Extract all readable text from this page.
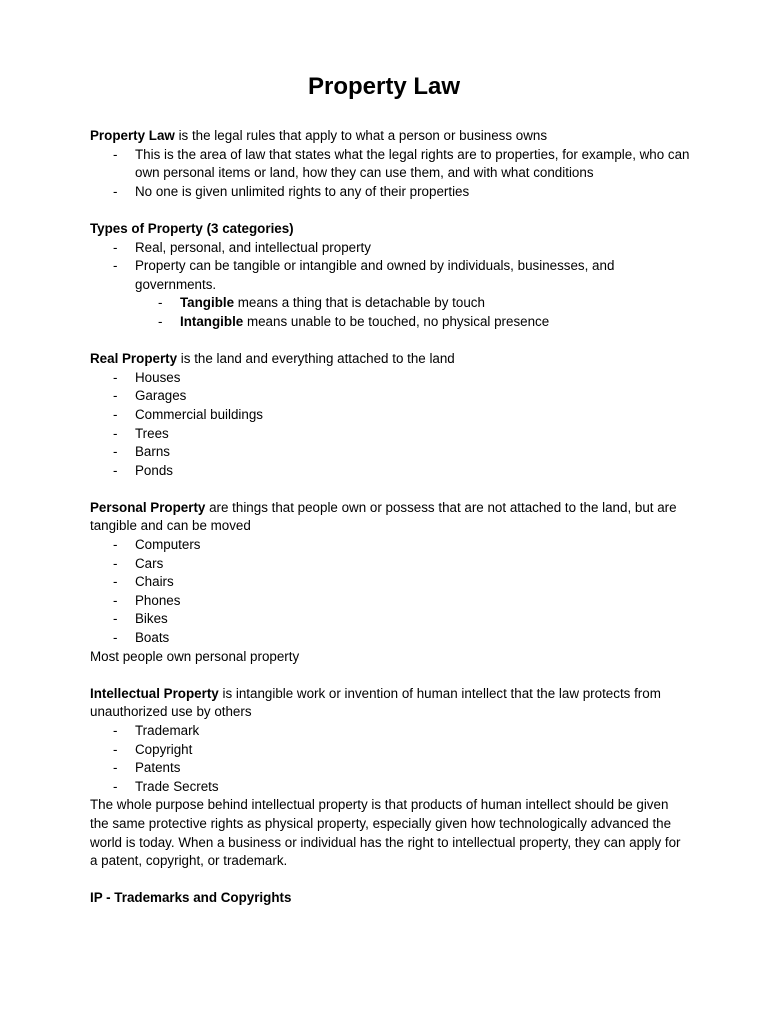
Property Law

Property Law is the legal rules that apply to what a person or business owns

- This is the area of law that states what the legal rights are to properties, for example, who can own personal items or land, how they can use them, and with what conditions
- No one is given unlimited rights to any of their properties

Types of Property (3 categories)

- Real, personal, and intellectual property
- Property can be tangible or intangible and owned by individuals, businesses, and governments.
- Tangible means a thing that is detachable by touch
- Intangible means unable to be touched, no physical presence

Real Property is the land and everything attached to the land

- Houses
- Garages
- Commercial buildings
- Trees
- Barns
- Ponds

Personal Property are things that people own or possess that are not attached to the land, but are tangible and can be moved

- Computers
- Cars
- Chairs
- Phones
- Bikes
- Boats

Most people own personal property

Intellectual Property is intangible work or invention of human intellect that the law protects from unauthorized use by others

- Trademark
- Copyright
- Patents
- Trade Secrets

The whole purpose behind intellectual property is that products of human intellect should be given the same protective rights as physical property, especially given how technologically advanced the world is today. When a business or individual has the right to intellectual property, they can apply for a patent, copyright, or trademark.

IP - Trademarks and Copyrights
